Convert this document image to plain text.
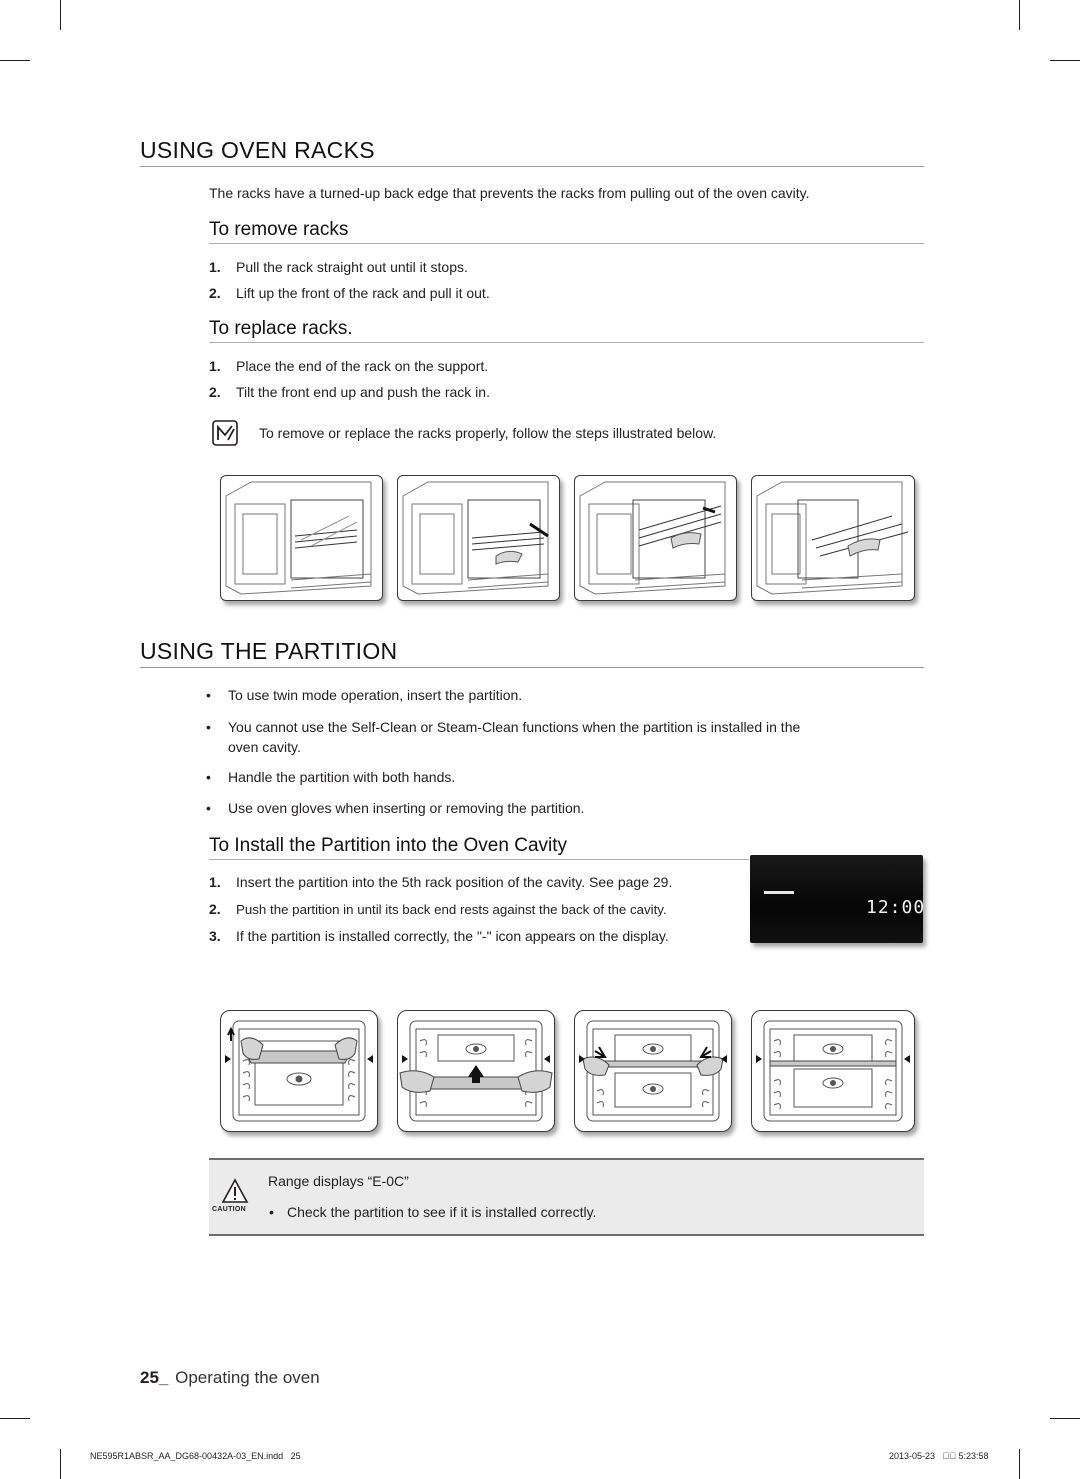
USING OVEN RACKS
The racks have a turned-up back edge that prevents the racks from pulling out of the oven cavity.
To remove racks
1. Pull the rack straight out until it stops.
2. Lift up the front of the rack and pull it out.
To replace racks.
1. Place the end of the rack on the support.
2. Tilt the front end up and push the rack in.
To remove or replace the racks properly, follow the steps illustrated below.
USING THE PARTITION
• To use twin mode operation, insert the partition.
• You cannot use the Self-Clean or Steam-Clean functions when the partition is installed in the
oven cavity.
• Handle the partition with both hands.
• Use oven gloves when inserting or removing the partition.
To Install the Partition into the Oven Cavity
1. Insert the partition into the 5th rack position of the cavity. See page 29.
2. Push the partition in until its back end rests against the back of the cavity.
3. If the partition is installed correctly, the "-" icon appears on the display.
12:00
CAUTION
Range displays “E-0C”
• Check the partition to see if it is installed correctly.
25_ Operating the oven
NE595R1ABSR_AA_DG68-00432A-03_EN.indd   25	2013-05-23   ￿￿ 5:23:58
